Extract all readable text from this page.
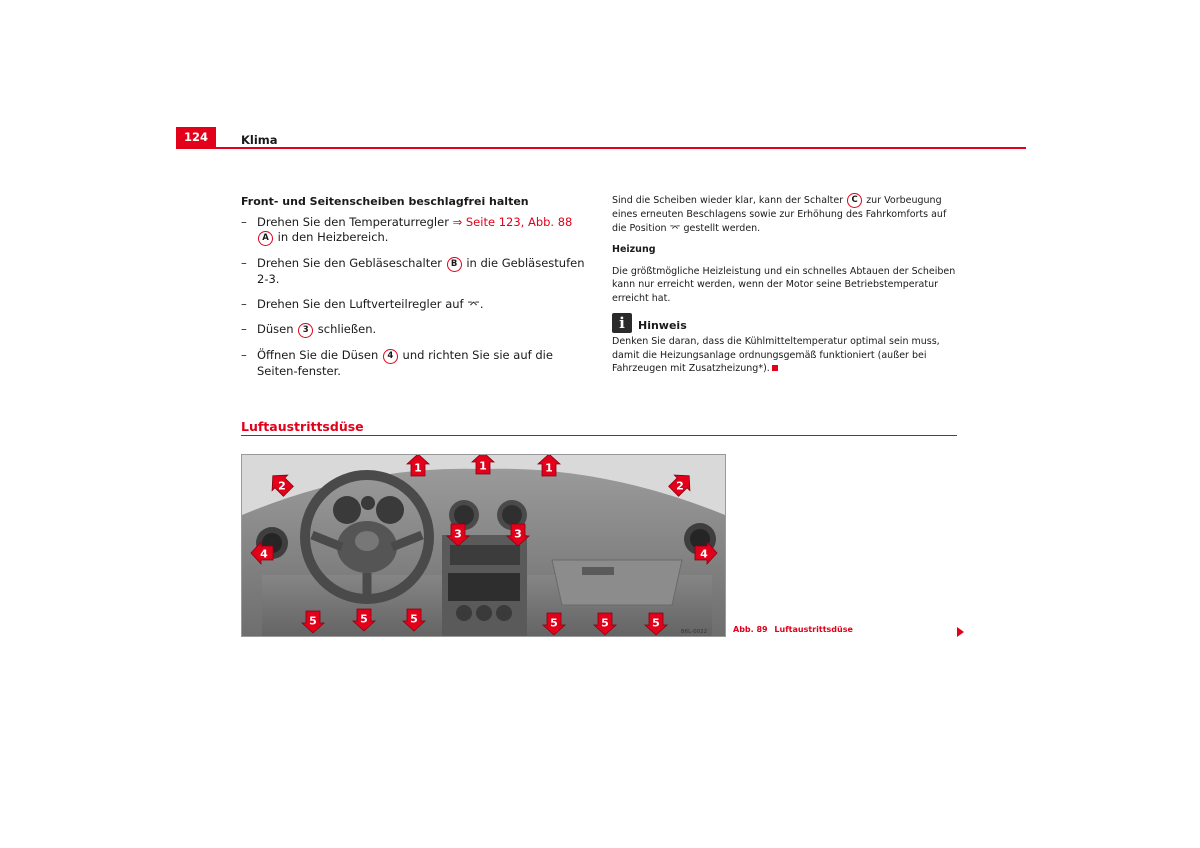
124	Klima
Front- und Seitenscheiben beschlagfrei halten
– Drehen Sie den Temperaturregler ⇒ Seite 123, Abb. 88 A in den Heizbereich.
– Drehen Sie den Gebläseschalter B in die Gebläsestufen 2-3.
– Drehen Sie den Luftverteilregler auf ⌤.
– Düsen 3 schließen.
– Öffnen Sie die Düsen 4 und richten Sie sie auf die Seiten-fenster.

Sind die Scheiben wieder klar, kann der Schalter C zur Vorbeugung eines erneuten Beschlagens sowie zur Erhöhung des Fahrkomforts auf die Position ⌤ gestellt werden.

Heizung

Die größtmögliche Heizleistung und ein schnelles Abtauen der Scheiben kann nur erreicht werden, wenn der Motor seine Betriebstemperatur erreicht hat.

i	Hinweis

Denken Sie daran, dass die Kühlmitteltemperatur optimal sein muss, damit die Heizungsanlage ordnungsgemäß funktioniert (außer bei Fahrzeugen mit Zusatzheizung*).

Luftaustrittsdüse
1	1	1
2	2
3	3
4	4
5	5	5	5	5	5
B6L-0022	Abb. 89 Luftaustrittsdüse
